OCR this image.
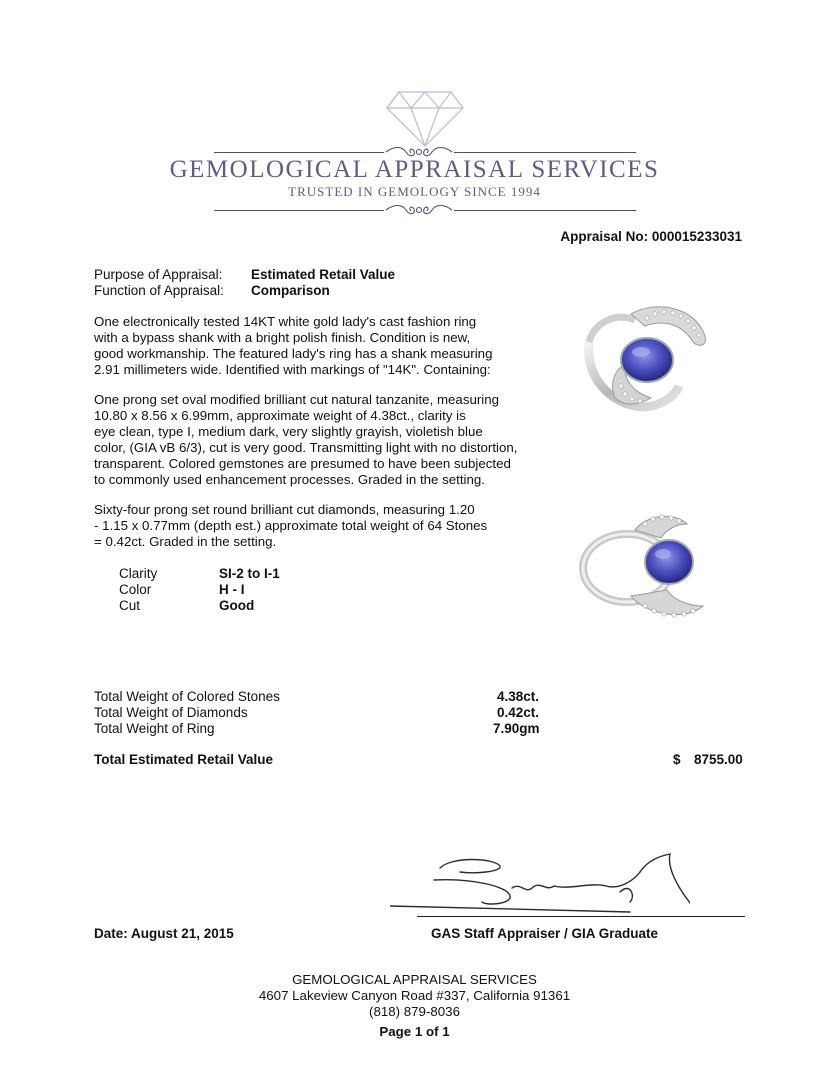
GEMOLOGICAL APPRAISAL SERVICES
TRUSTED IN GEMOLOGY SINCE 1994
Appraisal No: 000015233031
Purpose of Appraisal: Estimated Retail Value
Function of Appraisal: Comparison
One electronically tested 14KT white gold lady's cast fashion ring
with a bypass shank with a bright polish finish. Condition is new,
good workmanship. The featured lady's ring has a shank measuring
2.91 millimeters wide. Identified with markings of "14K". Containing:
One prong set oval modified brilliant cut natural tanzanite, measuring
10.80 x 8.56 x 6.99mm, approximate weight of 4.38ct., clarity is
eye clean, type I, medium dark, very slightly grayish, violetish blue
color, (GIA vB 6/3), cut is very good. Transmitting light with no distortion,
transparent. Colored gemstones are presumed to have been subjected
to commonly used enhancement processes. Graded in the setting.
Sixty-four prong set round brilliant cut diamonds, measuring 1.20
- 1.15 x 0.77mm (depth est.) approximate total weight of 64 Stones
= 0.42ct. Graded in the setting.
Clarity	SI-2 to I-1
Color	H - I
Cut	Good
Total Weight of Colored Stones	4.38ct.
Total Weight of Diamonds	0.42ct.
Total Weight of Ring	7.90gm
Total Estimated Retail Value	$ 8755.00
Date: August 21, 2015	GAS Staff Appraiser / GIA Graduate
GEMOLOGICAL APPRAISAL SERVICES
4607 Lakeview Canyon Road #337, California 91361
(818) 879-8036
Page 1 of 1
